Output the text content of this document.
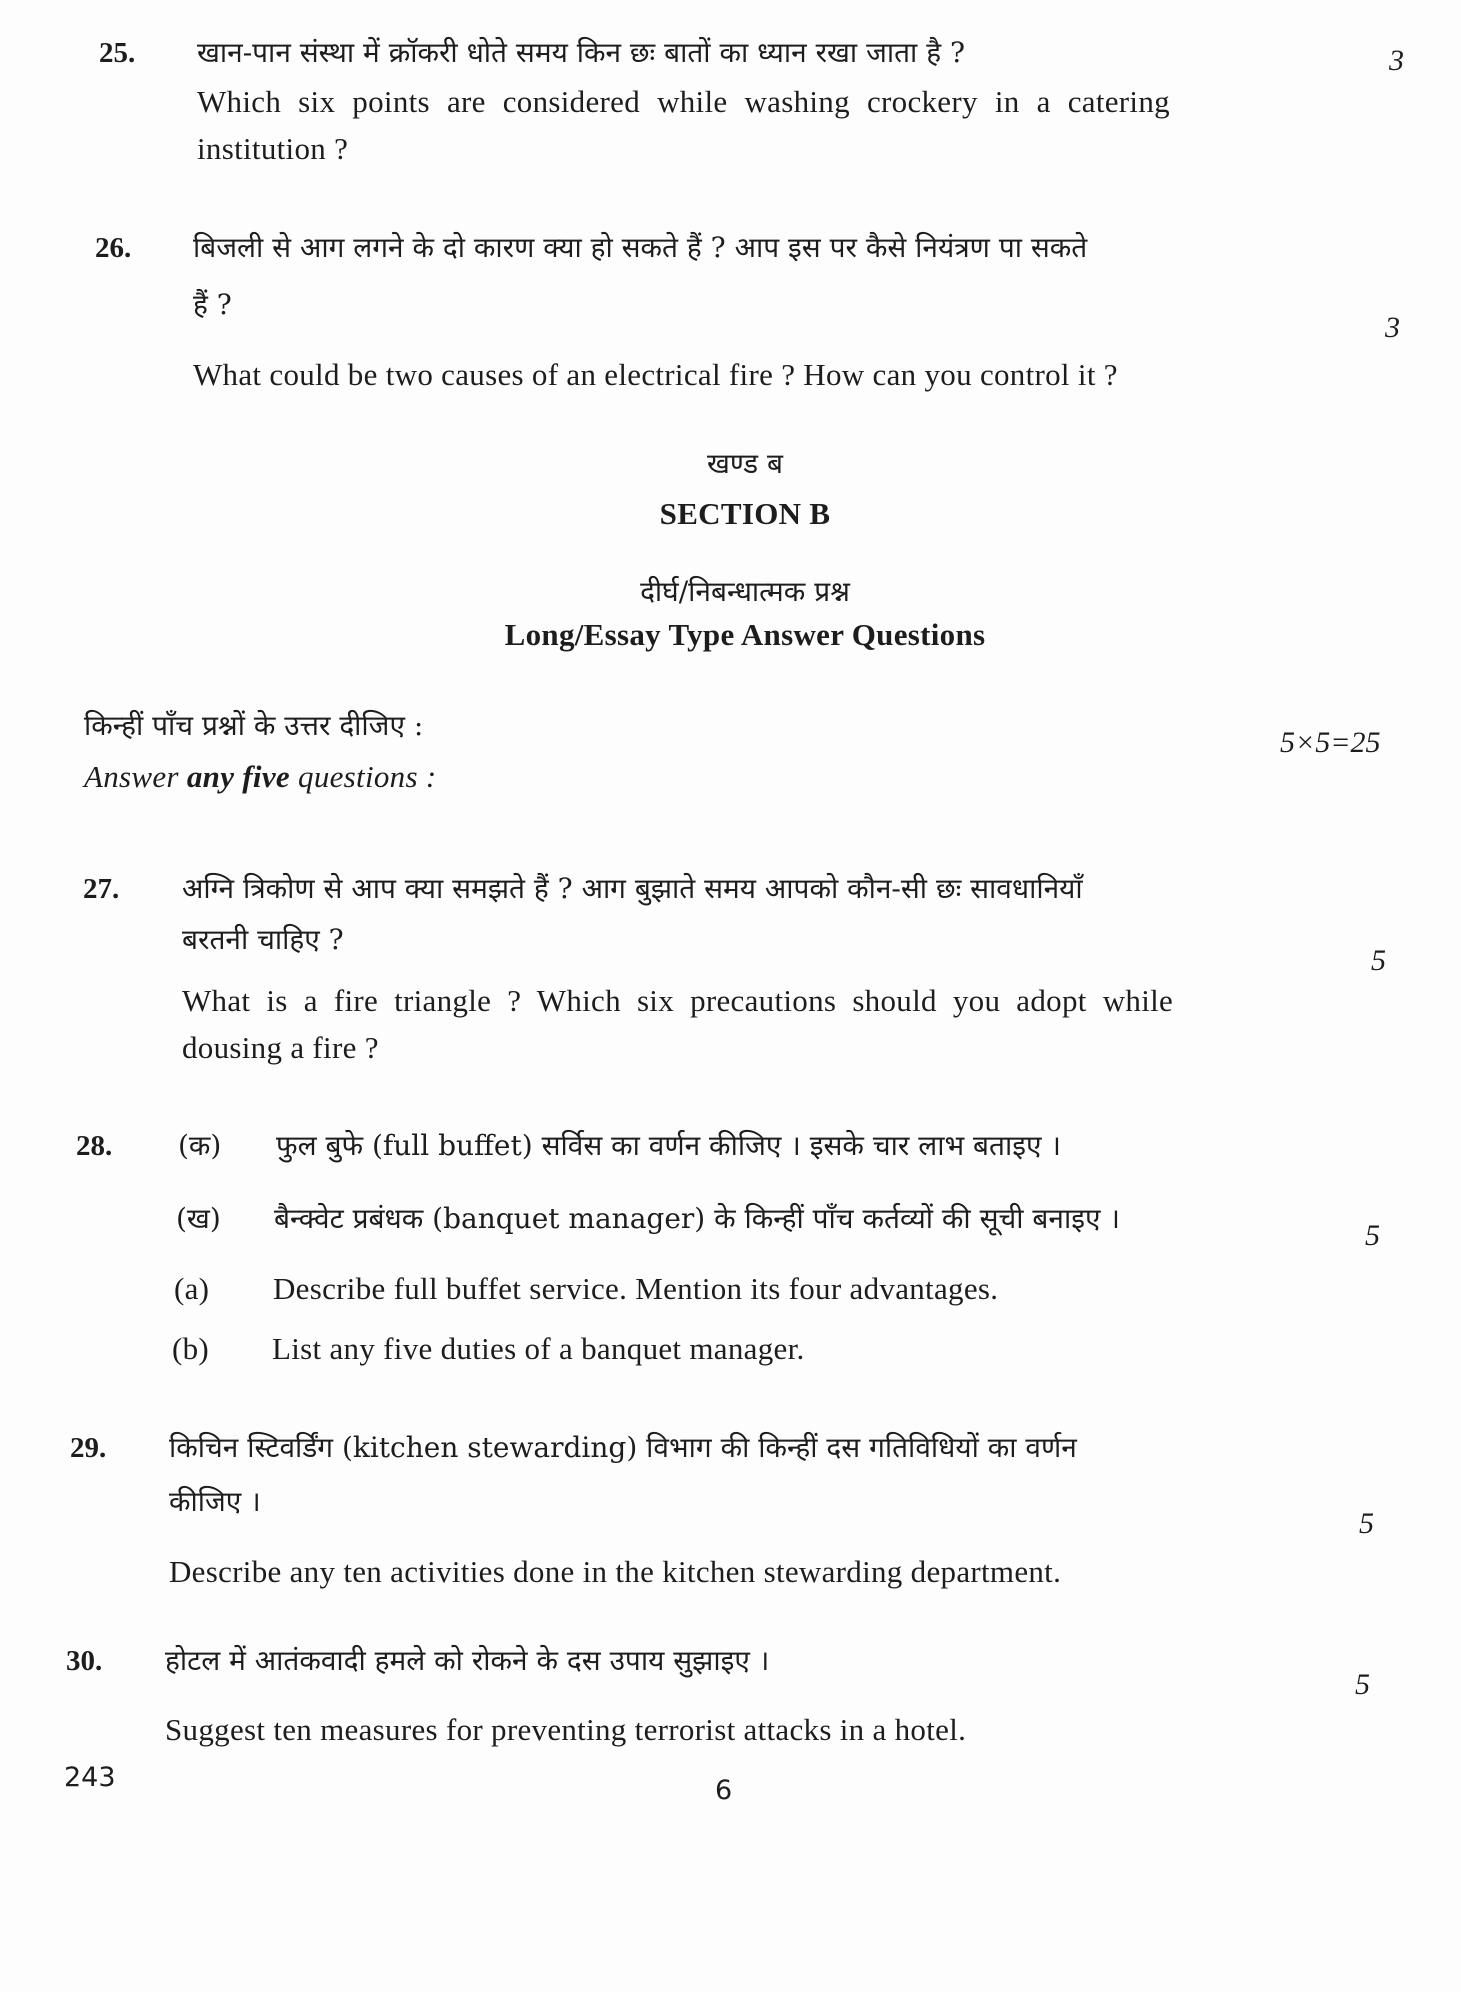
25. खान-पान संस्था में क्रॉकरी धोते समय किन छः बातों का ध्यान रखा जाता है ?	3
Which six points are considered while washing crockery in a catering
institution ?
26. बिजली से आग लगने के दो कारण क्या हो सकते हैं ? आप इस पर कैसे नियंत्रण पा सकते
हैं ?
3
What could be two causes of an electrical fire ? How can you control it ?
खण्ड ब
SECTION B
दीर्घ/निबन्धात्मक प्रश्न
Long/Essay Type Answer Questions
किन्हीं पाँच प्रश्नों के उत्तर दीजिए :
5×5=25
Answer any five questions :
27. अग्नि त्रिकोण से आप क्या समझते हैं ? आग बुझाते समय आपको कौन-सी छः सावधानियाँ
बरतनी चाहिए ?
5
What is a fire triangle ? Which six precautions should you adopt while
dousing a fire ?
28. (क) फुल बुफे (full buffet) सर्विस का वर्णन कीजिए । इसके चार लाभ बताइए ।
(ख) बैन्क्वेट प्रबंधक (banquet manager) के किन्हीं पाँच कर्तव्यों की सूची बनाइए ।
5
(a) Describe full buffet service. Mention its four advantages.
(b) List any five duties of a banquet manager.
29. किचिन स्टिवर्डिंग (kitchen stewarding) विभाग की किन्हीं दस गतिविधियों का वर्णन
कीजिए ।
5
Describe any ten activities done in the kitchen stewarding department.
30. होटल में आतंकवादी हमले को रोकने के दस उपाय सुझाइए ।
5
Suggest ten measures for preventing terrorist attacks in a hotel.
243	6
